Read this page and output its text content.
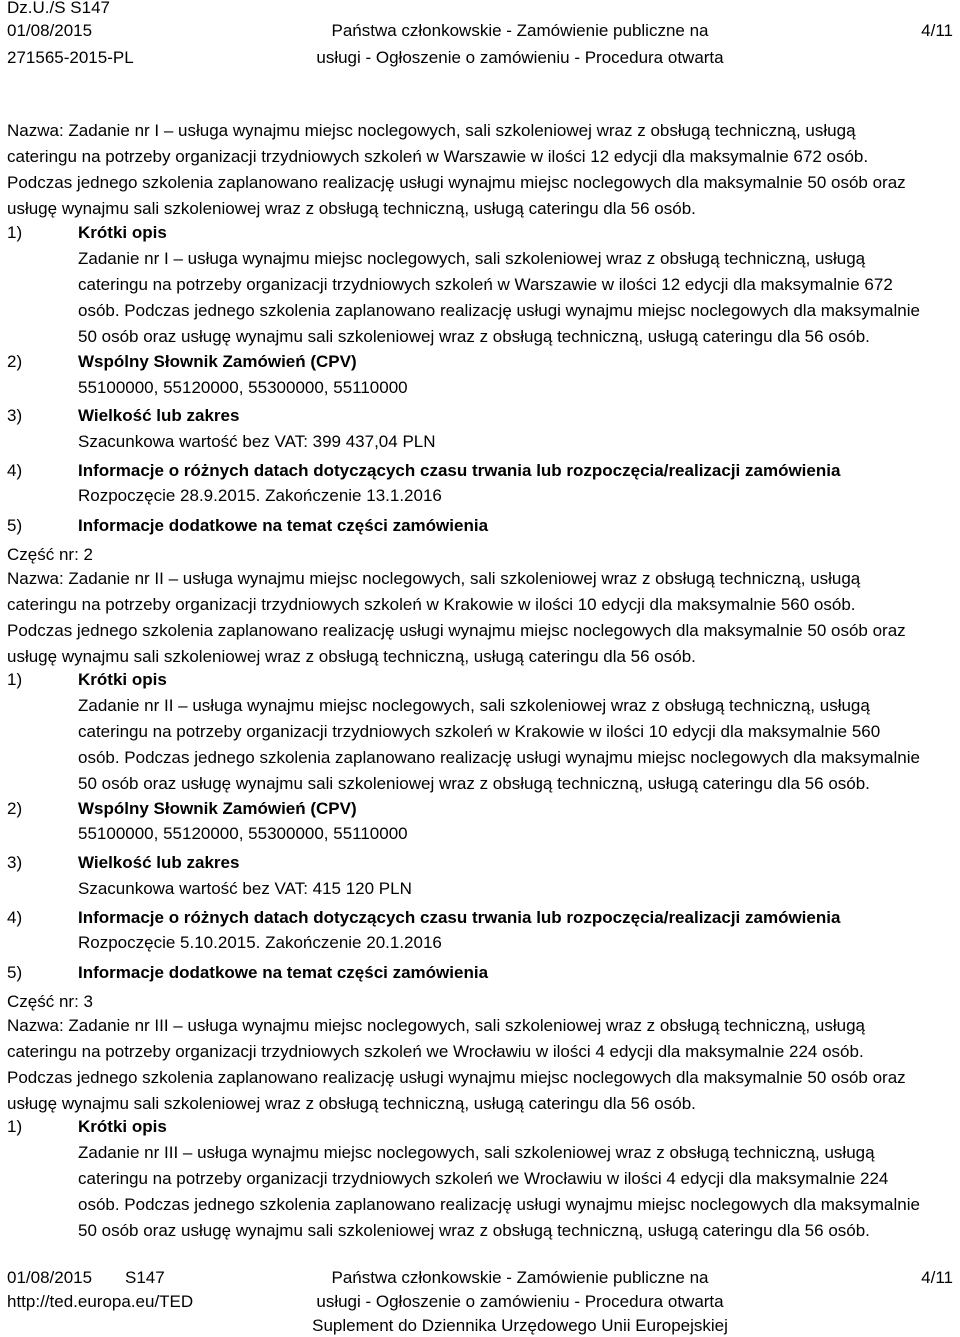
Dz.U./S S147
01/08/2015
271565-2015-PL
Państwa członkowskie - Zamówienie publiczne na
usługi - Ogłoszenie o zamówieniu - Procedura otwarta
4/11
Nazwa: Zadanie nr I – usługa wynajmu miejsc noclegowych, sali szkoleniowej wraz z obsługą techniczną, usługą
cateringu na potrzeby organizacji trzydniowych szkoleń w Warszawie w ilości 12 edycji dla maksymalnie 672 osób.
Podczas jednego szkolenia zaplanowano realizację usługi wynajmu miejsc noclegowych dla maksymalnie 50 osób oraz
usługę wynajmu sali szkoleniowej wraz z obsługą techniczną, usługą cateringu dla 56 osób.
1)	Krótki opis
Zadanie nr I – usługa wynajmu miejsc noclegowych, sali szkoleniowej wraz z obsługą techniczną, usługą
cateringu na potrzeby organizacji trzydniowych szkoleń w Warszawie w ilości 12 edycji dla maksymalnie 672
osób. Podczas jednego szkolenia zaplanowano realizację usługi wynajmu miejsc noclegowych dla maksymalnie
50 osób oraz usługę wynajmu sali szkoleniowej wraz z obsługą techniczną, usługą cateringu dla 56 osób.
2)	Wspólny Słownik Zamówień (CPV)
55100000, 55120000, 55300000, 55110000
3)	Wielkość lub zakres
Szacunkowa wartość bez VAT: 399 437,04 PLN
4)	Informacje o różnych datach dotyczących czasu trwania lub rozpoczęcia/realizacji zamówienia
Rozpoczęcie 28.9.2015. Zakończenie 13.1.2016
5)	Informacje dodatkowe na temat części zamówienia
Część nr: 2
Nazwa: Zadanie nr II – usługa wynajmu miejsc noclegowych, sali szkoleniowej wraz z obsługą techniczną, usługą
cateringu na potrzeby organizacji trzydniowych szkoleń w Krakowie w ilości 10 edycji dla maksymalnie 560 osób.
Podczas jednego szkolenia zaplanowano realizację usługi wynajmu miejsc noclegowych dla maksymalnie 50 osób oraz
usługę wynajmu sali szkoleniowej wraz z obsługą techniczną, usługą cateringu dla 56 osób.
1)	Krótki opis
Zadanie nr II – usługa wynajmu miejsc noclegowych, sali szkoleniowej wraz z obsługą techniczną, usługą
cateringu na potrzeby organizacji trzydniowych szkoleń w Krakowie w ilości 10 edycji dla maksymalnie 560
osób. Podczas jednego szkolenia zaplanowano realizację usługi wynajmu miejsc noclegowych dla maksymalnie
50 osób oraz usługę wynajmu sali szkoleniowej wraz z obsługą techniczną, usługą cateringu dla 56 osób.
2)	Wspólny Słownik Zamówień (CPV)
55100000, 55120000, 55300000, 55110000
3)	Wielkość lub zakres
Szacunkowa wartość bez VAT: 415 120 PLN
4)	Informacje o różnych datach dotyczących czasu trwania lub rozpoczęcia/realizacji zamówienia
Rozpoczęcie 5.10.2015. Zakończenie 20.1.2016
5)	Informacje dodatkowe na temat części zamówienia
Część nr: 3
Nazwa: Zadanie nr III – usługa wynajmu miejsc noclegowych, sali szkoleniowej wraz z obsługą techniczną, usługą
cateringu na potrzeby organizacji trzydniowych szkoleń we Wrocławiu w ilości 4 edycji dla maksymalnie 224 osób.
Podczas jednego szkolenia zaplanowano realizację usługi wynajmu miejsc noclegowych dla maksymalnie 50 osób oraz
usługę wynajmu sali szkoleniowej wraz z obsługą techniczną, usługą cateringu dla 56 osób.
1)	Krótki opis
Zadanie nr III – usługa wynajmu miejsc noclegowych, sali szkoleniowej wraz z obsługą techniczną, usługą
cateringu na potrzeby organizacji trzydniowych szkoleń we Wrocławiu w ilości 4 edycji dla maksymalnie 224
osób. Podczas jednego szkolenia zaplanowano realizację usługi wynajmu miejsc noclegowych dla maksymalnie
50 osób oraz usługę wynajmu sali szkoleniowej wraz z obsługą techniczną, usługą cateringu dla 56 osób.
01/08/2015 S147
http://ted.europa.eu/TED
Państwa członkowskie - Zamówienie publiczne na
usługi - Ogłoszenie o zamówieniu - Procedura otwarta
Suplement do Dziennika Urzędowego Unii Europejskiej
4/11
